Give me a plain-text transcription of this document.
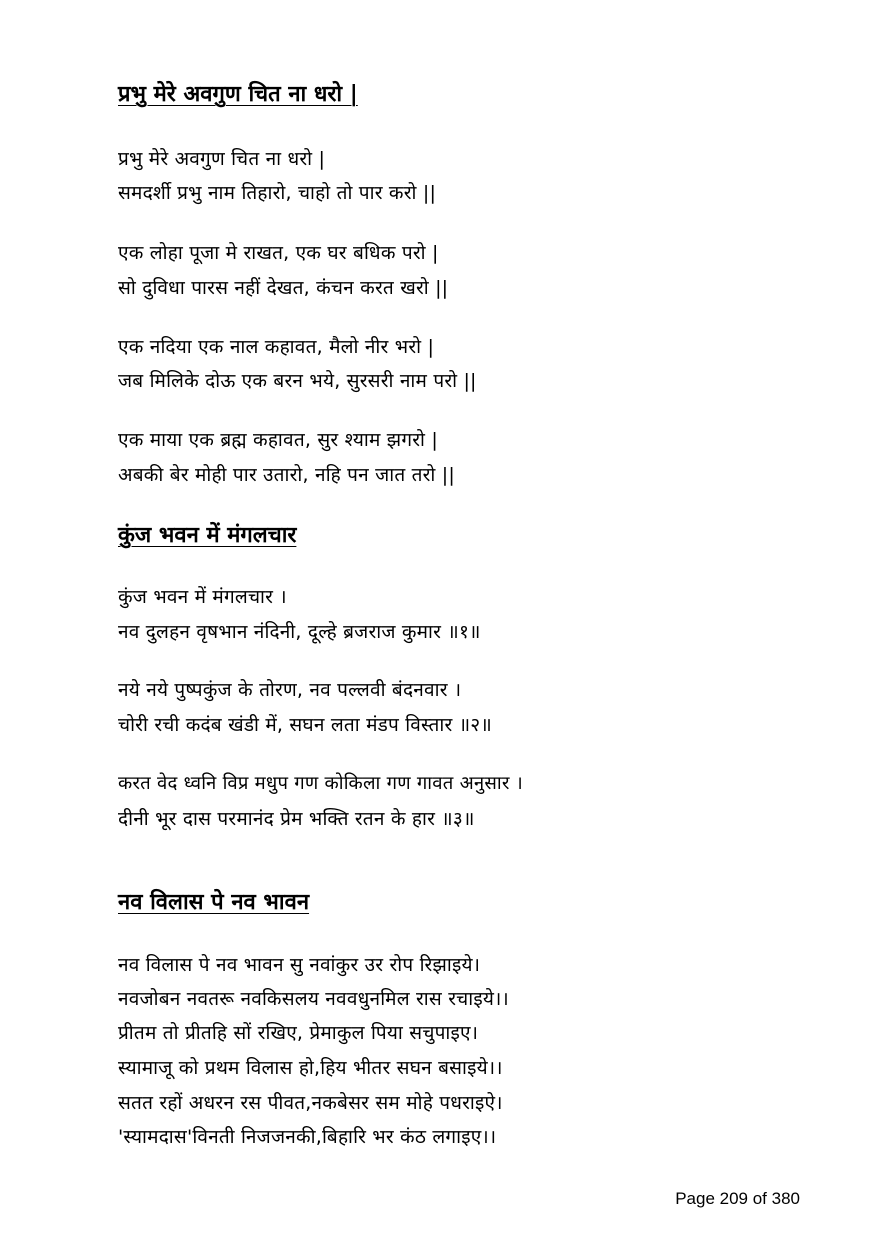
प्रभु मेरे अवगुण चित ना धरो |
प्रभु मेरे अवगुण चित ना धरो |
समदर्शी प्रभु नाम तिहारो, चाहो तो पार करो ||
एक लोहा पूजा मे राखत, एक घर बधिक परो |
सो दुविधा पारस नहीं देखत, कंचन करत खरो ||
एक नदिया एक नाल कहावत, मैलो नीर भरो |
जब मिलिके दोऊ एक बरन भये, सुरसरी नाम परो ||
एक माया एक ब्रह्म कहावत, सुर श्याम झगरो |
अबकी बेर मोही पार उतारो, नहि पन जात तरो ||
कुंज भवन में मंगलचार
कुंज भवन में मंगलचार ।
नव दुलहन वृषभान नंदिनी, दूल्हे ब्रजराज कुमार ॥१॥
नये नये पुष्पकुंज के तोरण, नव पल्लवी बंदनवार ।
चोरी रची कदंब खंडी में, सघन लता मंडप विस्तार ॥२॥
करत वेद ध्वनि विप्र मधुप गण कोकिला गण गावत अनुसार ।
दीनी भूर दास परमानंद प्रेम भक्ति रतन के हार ॥३॥
नव विलास पे नव भावन
नव विलास पे नव भावन सु नवांकुर उर रोप रिझाइये।
नवजोबन नवतरू नवकिसलय नववधुनमिल रास रचाइये।।
प्रीतम तो प्रीतहि सों रखिए, प्रेमाकुल पिया सचुपाइए।
स्यामाजू को प्रथम विलास हो,हिय भीतर सघन बसाइये।।
सतत रहों अधरन रस पीवत,नकबेसर सम मोहे पधराइऐ।
'स्यामदास'विनती निजजनकी,बिहारि भर कंठ लगाइए।।
Page 209 of 380
